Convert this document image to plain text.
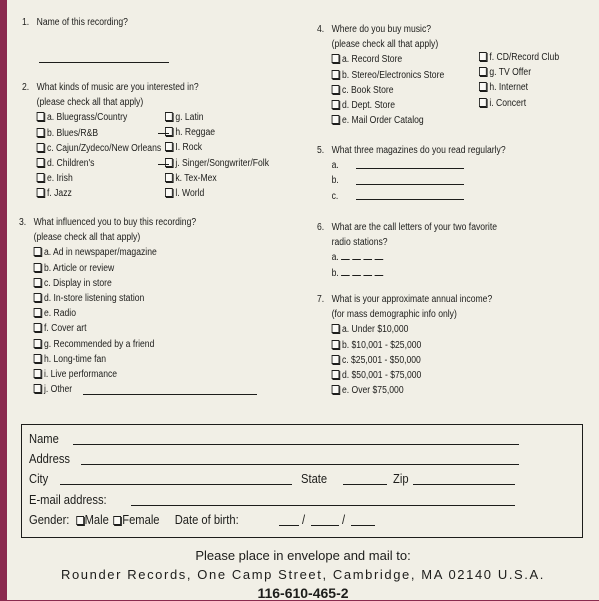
1. Name of this recording?
2. What kinds of music are you interested in?
(please check all that apply)
a. Bluegrass/Country
b. Blues/R&B
c. Cajun/Zydeco/New Orleans
d. Children's
e. Irish
f. Jazz
g. Latin
h. Reggae
I. Rock
j. Singer/Songwriter/Folk
k. Tex-Mex
l. World
3. What influenced you to buy this recording?
(please check all that apply)
a. Ad in newspaper/magazine
b. Article or review
c. Display in store
d. In-store listening station
e. Radio
f. Cover art
g. Recommended by a friend
h. Long-time fan
i. Live performance
j. Other
4. Where do you buy music?
(please check all that apply)
a. Record Store
b. Stereo/Electronics Store
c. Book Store
d. Dept. Store
e. Mail Order Catalog
f. CD/Record Club
g. TV Offer
h. Internet
i. Concert
5. What three magazines do you read regularly?
a.
b.
c.
6. What are the call letters of your two favorite
radio stations?
a.
b.
7. What is your approximate annual income?
(for mass demographic info only)
a. Under $10,000
b. $10,001 - $25,000
c. $25,001 - $50,000
d. $50,001 - $75,000
e. Over $75,000
Name
Address
City	State	Zip
E-mail address:
Gender: Male Female Date of birth:	/	/
Please place in envelope and mail to:
Rounder Records, One Camp Street, Cambridge, MA 02140 U.S.A.
116-610-465-2
